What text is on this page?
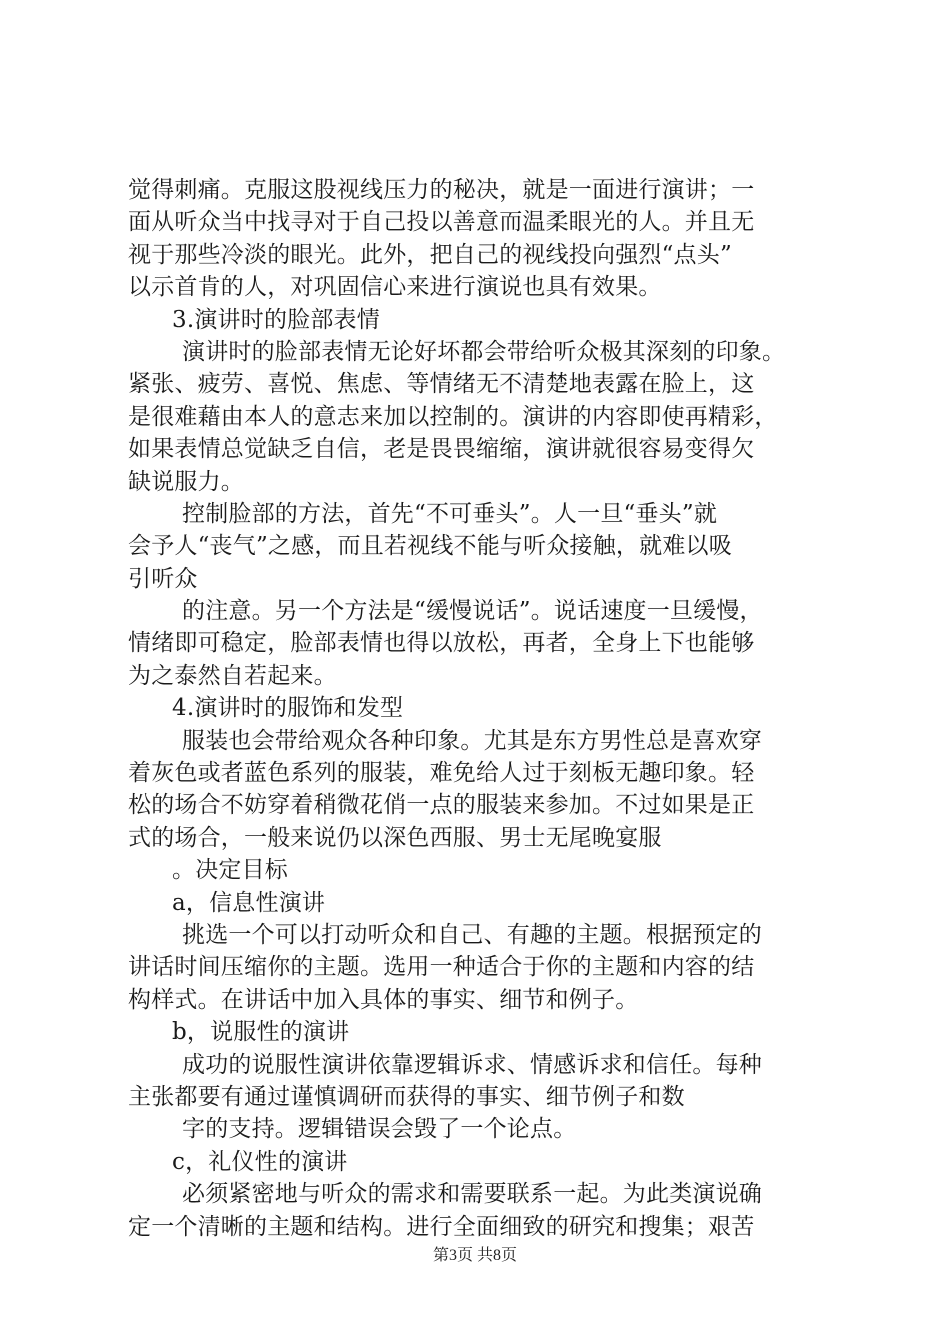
觉得刺痛。克服这股视线压力的秘决，就是一面进行演讲；一
面从听众当中找寻对于自己投以善意而温柔眼光的人。并且无
视于那些冷淡的眼光。此外，把自己的视线投向强烈“点头”
以示首肯的人，对巩固信心来进行演说也具有效果。
3.演讲时的脸部表情
演讲时的脸部表情无论好坏都会带给听众极其深刻的印象。
紧张、疲劳、喜悦、焦虑、等情绪无不清楚地表露在脸上，这
是很难藉由本人的意志来加以控制的。演讲的内容即使再精彩，
如果表情总觉缺乏自信，老是畏畏缩缩，演讲就很容易变得欠
缺说服力。
控制脸部的方法，首先“不可垂头”。人一旦“垂头”就
会予人“丧气”之感，而且若视线不能与听众接触，就难以吸
引听众
的注意。另一个方法是“缓慢说话”。说话速度一旦缓慢，
情绪即可稳定，脸部表情也得以放松，再者，全身上下也能够
为之泰然自若起来。
4.演讲时的服饰和发型
服装也会带给观众各种印象。尤其是东方男性总是喜欢穿
着灰色或者蓝色系列的服装，难免给人过于刻板无趣印象。轻
松的场合不妨穿着稍微花俏一点的服装来参加。不过如果是正
式的场合，一般来说仍以深色西服、男士无尾晚宴服
。决定目标
a，信息性演讲
挑选一个可以打动听众和自己、有趣的主题。根据预定的
讲话时间压缩你的主题。选用一种适合于你的主题和内容的结
构样式。在讲话中加入具体的事实、细节和例子。
b，说服性的演讲
成功的说服性演讲依靠逻辑诉求、情感诉求和信任。每种
主张都要有通过谨慎调研而获得的事实、细节例子和数
字的支持。逻辑错误会毁了一个论点。
c，礼仪性的演讲
必须紧密地与听众的需求和需要联系一起。为此类演说确
定一个清晰的主题和结构。进行全面细致的研究和搜集；艰苦
第3页 共8页
